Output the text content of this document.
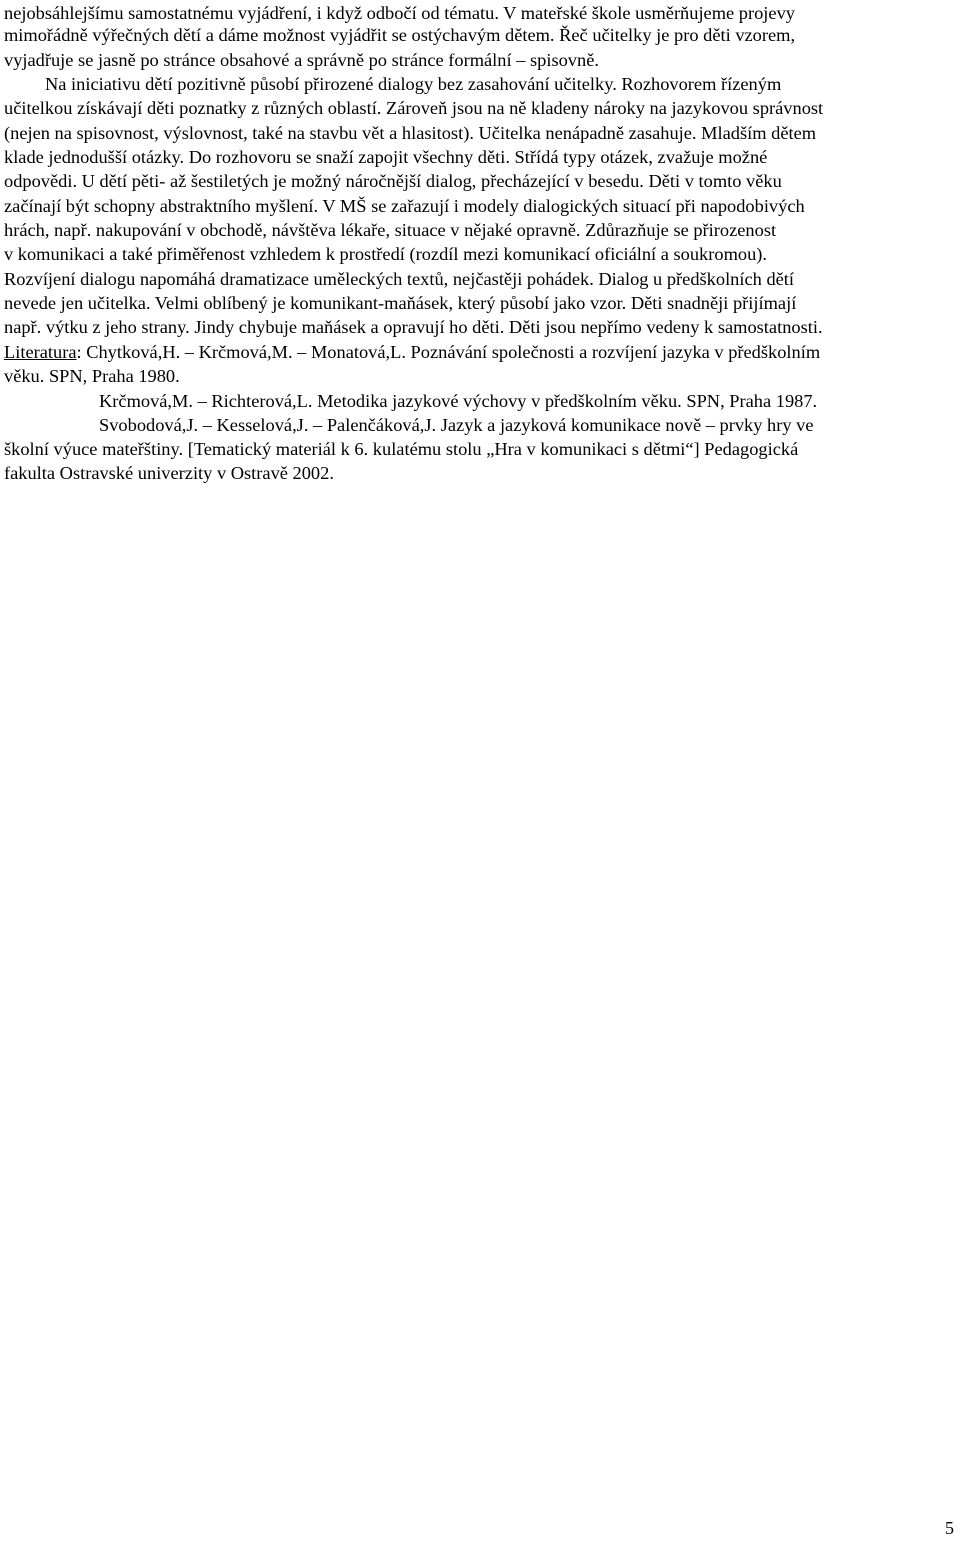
nejobsáhlejšímu samostatnému vyjádření, i když odbočí od tématu. V mateřské škole usměrňujeme projevy
mimořádně výřečných dětí a dáme možnost vyjádřit se ostýchavým dětem. Řeč učitelky je pro děti vzorem,
vyjadřuje se jasně po stránce obsahové a správně po stránce formální – spisovně.
Na iniciativu dětí pozitivně působí přirozené dialogy bez zasahování učitelky. Rozhovorem řízeným
učitelkou získávají děti poznatky z různých oblastí. Zároveň jsou na ně kladeny nároky na jazykovou správnost
(nejen na spisovnost, výslovnost, také na stavbu vět a hlasitost). Učitelka nenápadně zasahuje. Mladším dětem
klade jednodušší otázky. Do rozhovoru se snaží zapojit všechny děti. Střídá typy otázek, zvažuje možné
odpovědi. U dětí pěti- až šestiletých je možný náročnější dialog, přecházející v besedu. Děti v tomto věku
začínají být schopny abstraktního myšlení. V MŠ se zařazují i modely dialogických situací při napodobivých
hrách, např. nakupování v obchodě, návštěva lékaře, situace v nějaké opravně. Zdůrazňuje se přirozenost
v komunikaci a také přiměřenost vzhledem k prostředí (rozdíl mezi komunikací oficiální a soukromou).
Rozvíjení dialogu napomáhá dramatizace uměleckých textů, nejčastěji pohádek. Dialog u předškolních dětí
nevede jen učitelka. Velmi oblíbený je komunikant-maňásek, který působí jako vzor. Děti snadněji přijímají
např. výtku z jeho strany. Jindy chybuje maňásek a opravují ho děti. Děti jsou nepřímo vedeny k samostatnosti.
Literatura: Chytková,H. – Krčmová,M. – Monatová,L. Poznávání společnosti a rozvíjení jazyka v předškolním
věku. SPN, Praha 1980.
Krčmová,M. – Richterová,L. Metodika jazykové výchovy v předškolním věku. SPN, Praha 1987.
Svobodová,J. – Kesselová,J. – Palenčáková,J. Jazyk a jazyková komunikace nově – prvky hry ve
školní výuce mateřštiny. [Tematický materiál k 6. kulatému stolu „Hra v komunikaci s dětmi“] Pedagogická
fakulta Ostravské univerzity v Ostravě 2002.
5
